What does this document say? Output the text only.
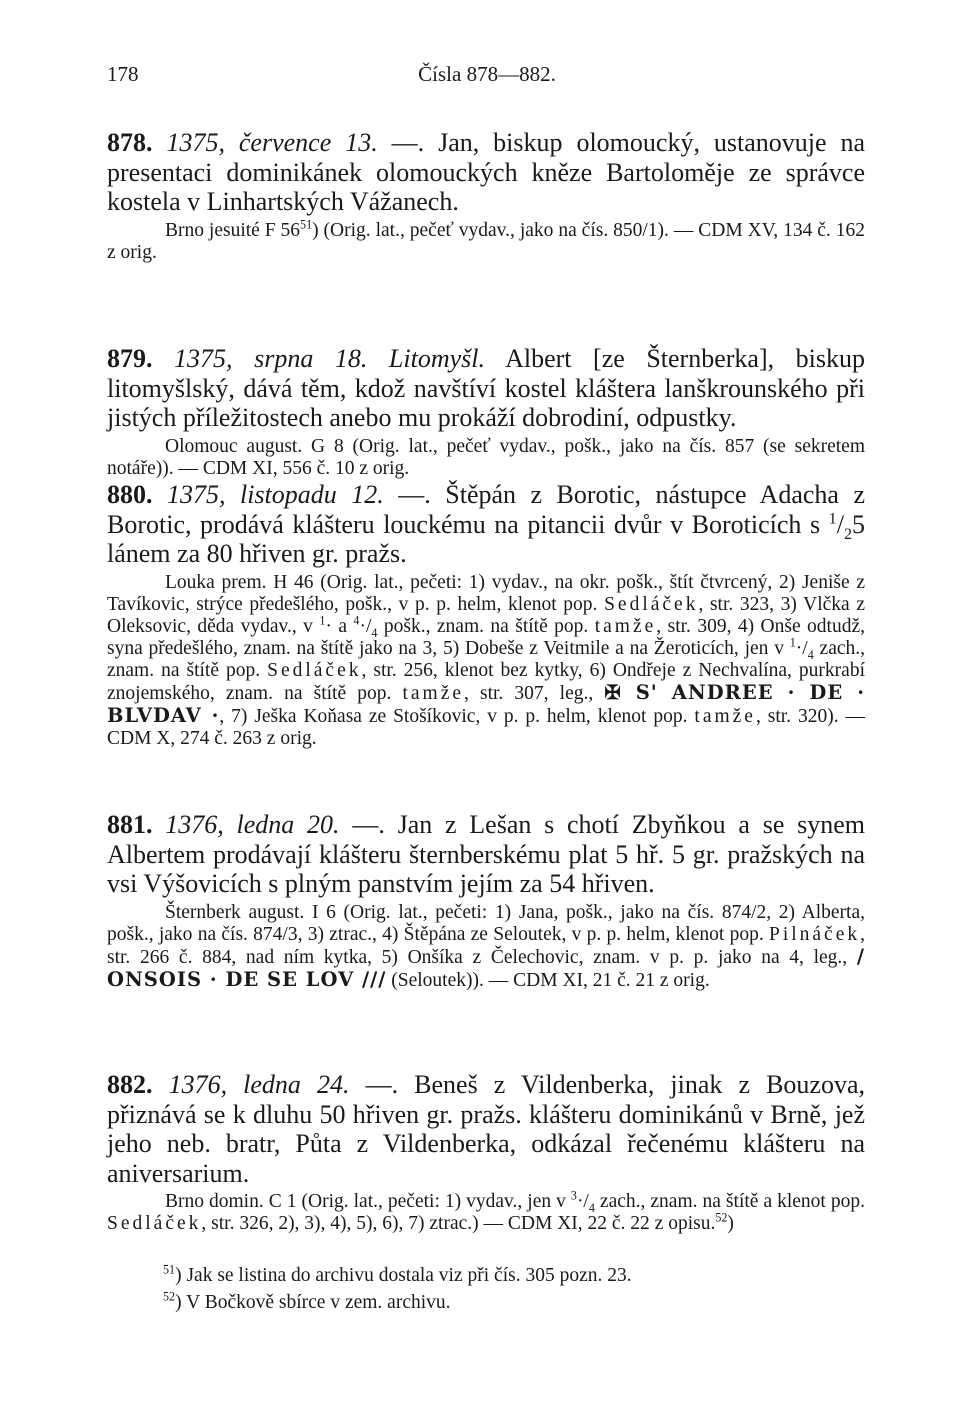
178	Čísla 878—882.

878. 1375, července 13. —. Jan, biskup olomoucký, ustanovuje na presentaci dominikánek olomouckých kněze Bartoloměje ze správce kostela v Linhartských Vážanech.

Brno jesuité F $56^{51}$) (Orig. lat., pečeť vydav., jako na čís. 850/1). — CDM XV, 134 č. 162 z orig.

879. 1375, srpna 18. Litomyšl. Albert [ze Šternberka], biskup litomyšlský, dává těm, kdož navštíví kostel kláštera lanškrounského při jistých příležitostech anebo mu prokáží dobrodiní, odpustky.

Olomouc august. G 8 (Orig. lat., pečeť vydav., pošk., jako na čís. 857 (se sekretem notáře)). — CDM XI, 556 č. 10 z orig.

880. 1375, listopadu 12. —. Štěpán z Borotic, nástupce Adacha z Borotic, prodává klášteru louckému na pitancii dvůr v Boroticích s $^1/_25$ lánem za 80 hřiven gr. pražs.

Louka prem. H 46 (Orig. lat., pečeti: 1) vydav., na okr. pošk., štít čtvrcený, 2) Jeniše z Tavíkovic, strýce předešlého, pošk., v p. p. helm, klenot pop. Sedláček, str. 323, 3) Vlčka z Oleksovic, děda vydav., v $^1$· a $^4\cdot/_4$ pošk., znam. na štítě pop. tamže, str. 309, 4) Onše odtudž, syna předešlého, znam. na štítě jako na 3, 5) Dobeše z Veitmile a na Žeroticích, jen v $^1\cdot/_4$ zach., znam. na štítě pop. Sedláček, str. 256, klenot bez kytky, 6) Ondřeje z Nechvalína, purkrabí znojemského, znam. na štítě pop. tamže, str. 307, leg., ✠ S' ANDREE · DE · BLVDAV ·, 7) Ješka Koňasa ze Stošíkovic, v p. p. helm, klenot pop. tamže, str. 320). — CDM X, 274 č. 263 z orig.

881. 1376, ledna 20. —. Jan z Lešan s chotí Zbyňkou a se synem Albertem prodávají klášteru šternberskému plat 5 hř. 5 gr. pražských na vsi Výšovicích s plným panstvím jejím za 54 hřiven.

Šternberk august. I 6 (Orig. lat., pečeti: 1) Jana, pošk., jako na čís. 874/2, 2) Alberta, pošk., jako na čís. 874/3, 3) ztrac., 4) Štěpána ze Seloutek, v p. p. helm, klenot pop. Pilnáček, str. 266 č. 884, nad ním kytka, 5) Onšíka z Čelechovic, znam. v p. p. jako na 4, leg., / ONSOIS · DE SE LOV /// (Seloutek)). — CDM XI, 21 č. 21 z orig.

882. 1376, ledna 24. —. Beneš z Vildenberka, jinak z Bouzova, přiznává se k dluhu 50 hřiven gr. pražs. klášteru dominikánů v Brně, jež jeho neb. bratr, Půta z Vildenberka, odkázal řečenému klášteru na aniversarium.

Brno domin. C 1 (Orig. lat., pečeti: 1) vydav., jen v $^3\cdot/_4$ zach., znam. na štítě a klenot pop. Sedláček, str. 326, 2), 3), 4), 5), 6), 7) ztrac.) — CDM XI, 22 č. 22 z opisu.$^{52}$)

$^{51}$) Jak se listina do archivu dostala viz při čís. 305 pozn. 23.

$^{52}$) V Bočkově sbírce v zem. archivu.
